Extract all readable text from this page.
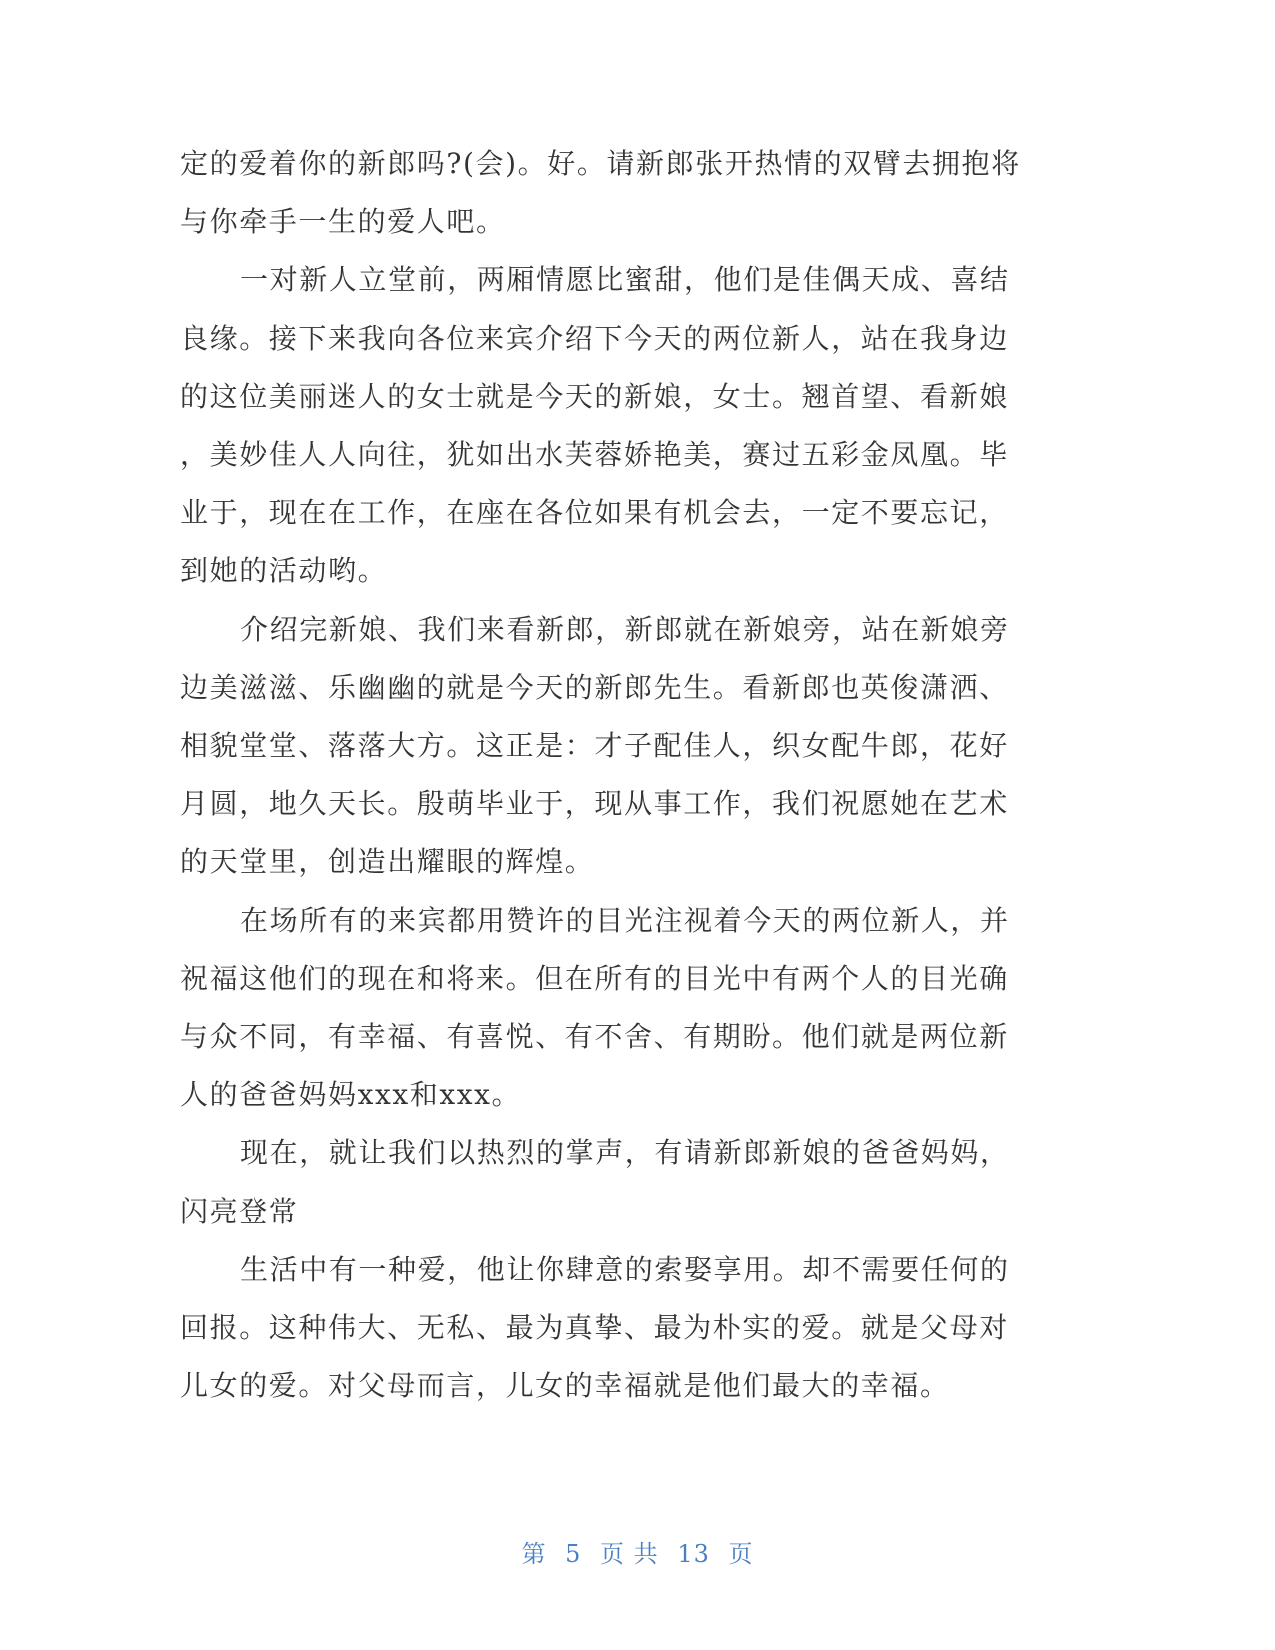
定的爱着你的新郎吗?(会)。好。请新郎张开热情的双臂去拥抱将
与你牵手一生的爱人吧。

一对新人立堂前，两厢情愿比蜜甜，他们是佳偶天成、喜结
良缘。接下来我向各位来宾介绍下今天的两位新人，站在我身边
的这位美丽迷人的女士就是今天的新娘，女士。翘首望、看新娘
，美妙佳人人向往，犹如出水芙蓉娇艳美，赛过五彩金凤凰。毕
业于，现在在工作，在座在各位如果有机会去，一定不要忘记，
到她的活动哟。

介绍完新娘、我们来看新郎，新郎就在新娘旁，站在新娘旁
边美滋滋、乐幽幽的就是今天的新郎先生。看新郎也英俊潇洒、
相貌堂堂、落落大方。这正是：才子配佳人，织女配牛郎，花好
月圆，地久天长。殷萌毕业于，现从事工作，我们祝愿她在艺术
的天堂里，创造出耀眼的辉煌。

在场所有的来宾都用赞许的目光注视着今天的两位新人，并
祝福这他们的现在和将来。但在所有的目光中有两个人的目光确
与众不同，有幸福、有喜悦、有不舍、有期盼。他们就是两位新
人的爸爸妈妈xxx和xxx。

现在，就让我们以热烈的掌声，有请新郎新娘的爸爸妈妈，
闪亮登常

生活中有一种爱，他让你肆意的索娶享用。却不需要任何的
回报。这种伟大、无私、最为真挚、最为朴实的爱。就是父母对
儿女的爱。对父母而言，儿女的幸福就是他们最大的幸福。

第 5 页 共 13 页
